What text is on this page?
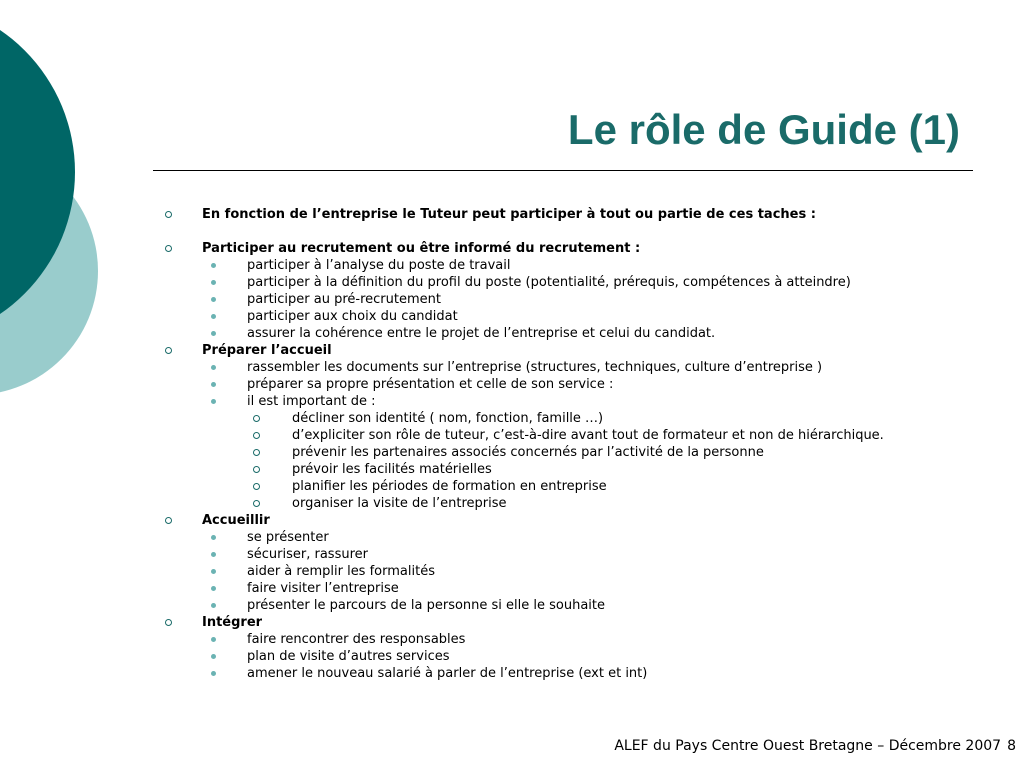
Le rôle de Guide (1)
En fonction de l’entreprise le Tuteur peut participer à tout ou partie de ces taches :
Participer au recrutement ou être informé du recrutement :
participer à l’analyse du poste de travail
participer à la définition du profil du poste (potentialité, prérequis, compétences à atteindre)
participer au pré-recrutement
participer aux choix du candidat
assurer la cohérence entre le projet de l’entreprise et celui du candidat.
Préparer l’accueil
rassembler les documents sur l’entreprise (structures, techniques, culture d’entreprise )
préparer sa propre présentation et celle de son service :
il est important de :
décliner son identité ( nom, fonction, famille …)
d’expliciter son rôle de tuteur, c’est-à-dire avant tout de formateur et non de hiérarchique.
prévenir les partenaires associés concernés par l’activité de la personne
prévoir les facilités matérielles
planifier les périodes de formation en entreprise
organiser la visite de l’entreprise
Accueillir
se présenter
sécuriser, rassurer
aider à remplir les formalités
faire visiter l’entreprise
présenter le parcours de la personne si elle le souhaite
Intégrer
faire rencontrer des responsables
plan de visite d’autres services
amener le nouveau salarié à parler de l’entreprise (ext et int)
ALEF du Pays Centre Ouest Bretagne – Décembre 2007 8
